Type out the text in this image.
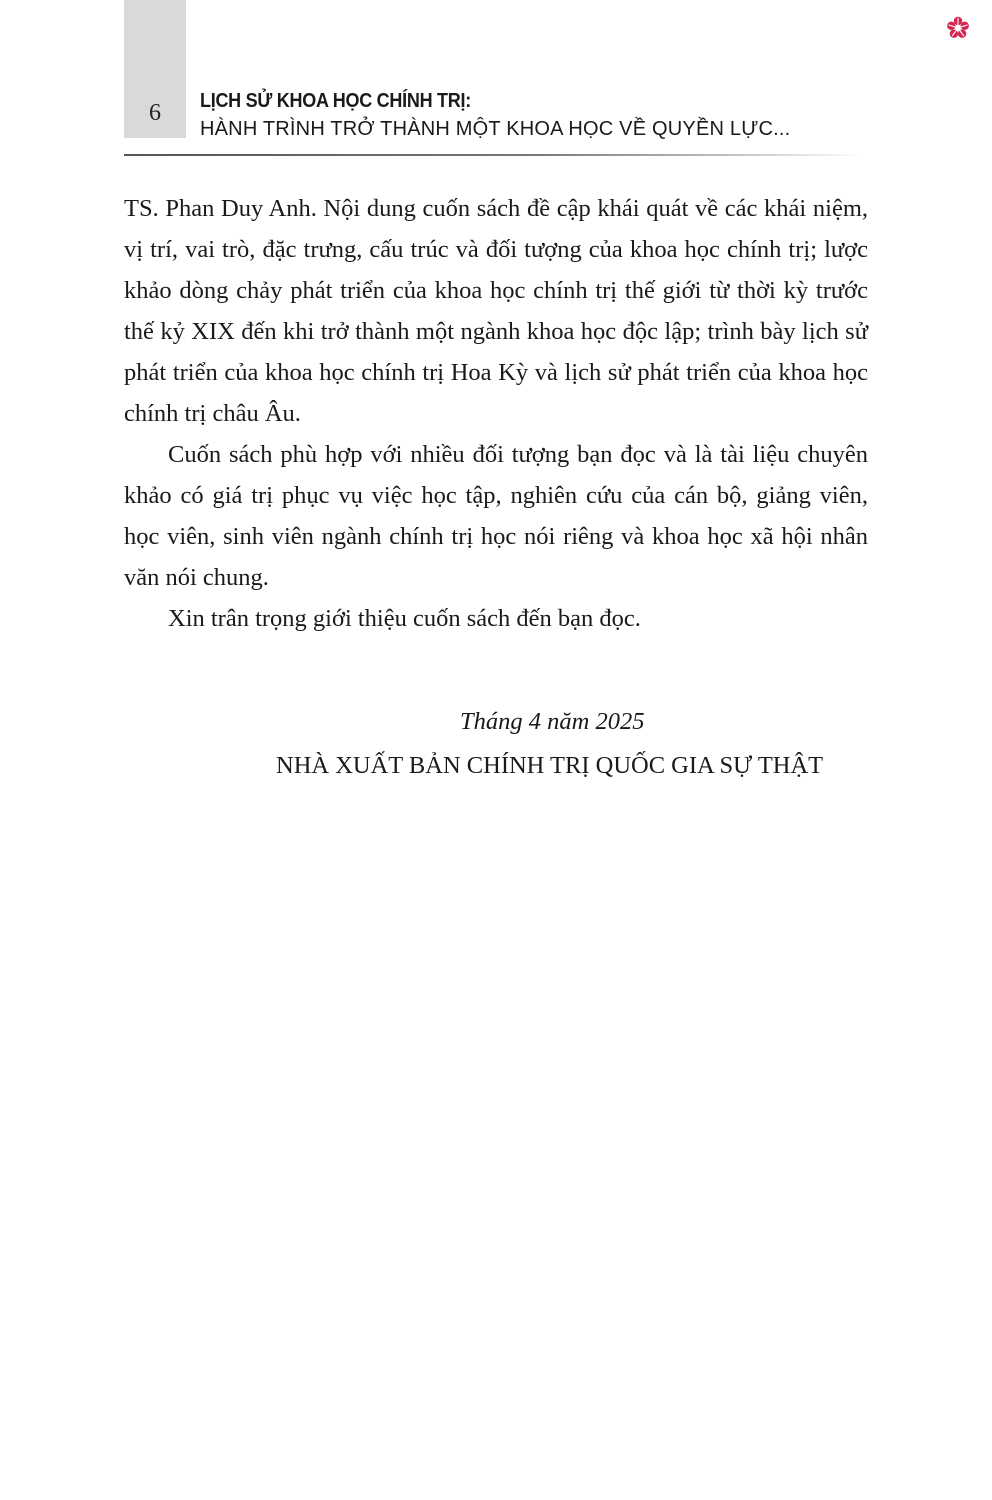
6	LỊCH SỬ KHOA HỌC CHÍNH TRỊ:
HÀNH TRÌNH TRỞ THÀNH MỘT KHOA HỌC VỀ QUYỀN LỰC...

TS. Phan Duy Anh. Nội dung cuốn sách đề cập khái quát về các khái niệm, vị trí, vai trò, đặc trưng, cấu trúc và đối tượng của khoa học chính trị; lược khảo dòng chảy phát triển của khoa học chính trị thế giới từ thời kỳ trước thế kỷ XIX đến khi trở thành một ngành khoa học độc lập; trình bày lịch sử phát triển của khoa học chính trị Hoa Kỳ và lịch sử phát triển của khoa học chính trị châu Âu.

Cuốn sách phù hợp với nhiều đối tượng bạn đọc và là tài liệu chuyên khảo có giá trị phục vụ việc học tập, nghiên cứu của cán bộ, giảng viên, học viên, sinh viên ngành chính trị học nói riêng và khoa học xã hội nhân văn nói chung.

Xin trân trọng giới thiệu cuốn sách đến bạn đọc.

Tháng 4 năm 2025
NHÀ XUẤT BẢN CHÍNH TRỊ QUỐC GIA SỰ THẬT
